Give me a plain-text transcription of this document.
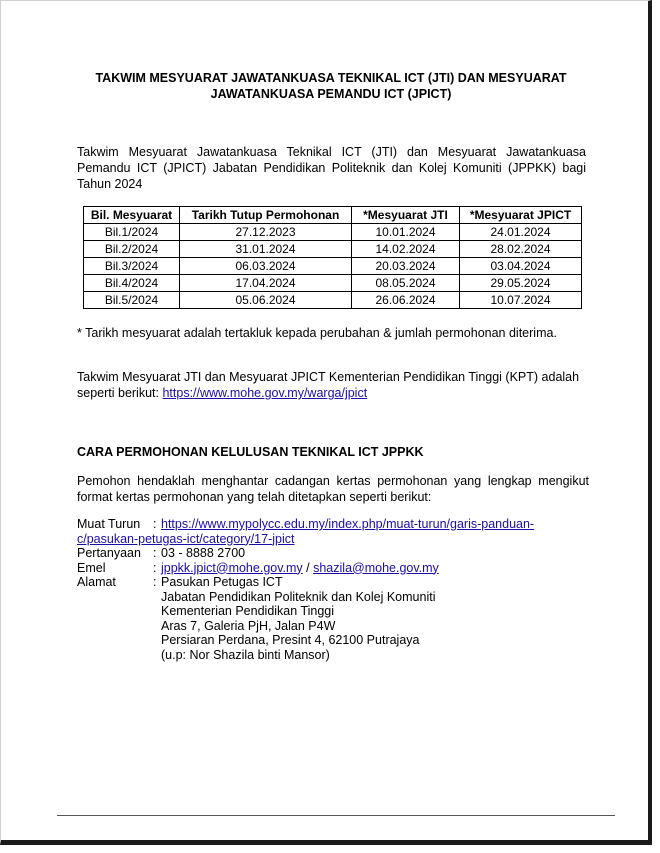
TAKWIM MESYUARAT JAWATANKUASA TEKNIKAL ICT (JTI) DAN MESYUARAT
JAWATANKUASA PEMANDU ICT (JPICT)
Takwim Mesyuarat Jawatankuasa Teknikal ICT (JTI) dan Mesyuarat Jawatankuasa Pemandu ICT (JPICT) Jabatan Pendidikan Politeknik dan Kolej Komuniti (JPPKK) bagi Tahun 2024
Bil. Mesyuarat	Tarikh Tutup Permohonan	*Mesyuarat JTI	*Mesyuarat JPICT
Bil.1/2024	27.12.2023	10.01.2024	24.01.2024
Bil.2/2024	31.01.2024	14.02.2024	28.02.2024
Bil.3/2024	06.03.2024	20.03.2024	03.04.2024
Bil.4/2024	17.04.2024	08.05.2024	29.05.2024
Bil.5/2024	05.06.2024	26.06.2024	10.07.2024
* Tarikh mesyuarat adalah tertakluk kepada perubahan & jumlah permohonan diterima.
Takwim Mesyuarat JTI dan Mesyuarat JPICT Kementerian Pendidikan Tinggi (KPT) adalah seperti berikut: https://www.mohe.gov.my/warga/jpict
CARA PERMOHONAN KELULUSAN TEKNIKAL ICT JPPKK
Pemohon hendaklah menghantar cadangan kertas permohonan yang lengkap mengikut format kertas permohonan yang telah ditetapkan seperti berikut:
Muat Turun : https://www.mypolycc.edu.my/index.php/muat-turun/garis-panduan-
c/pasukan-petugas-ict/category/17-jpict
Pertanyaan : 03 - 8888 2700
Emel	: jppkk.jpict@mohe.gov.my / shazila@mohe.gov.my
Alamat	: Pasukan Petugas ICT
Jabatan Pendidikan Politeknik dan Kolej Komuniti
Kementerian Pendidikan Tinggi
Aras 7, Galeria PjH, Jalan P4W
Persiaran Perdana, Presint 4, 62100 Putrajaya
(u.p: Nor Shazila binti Mansor)
